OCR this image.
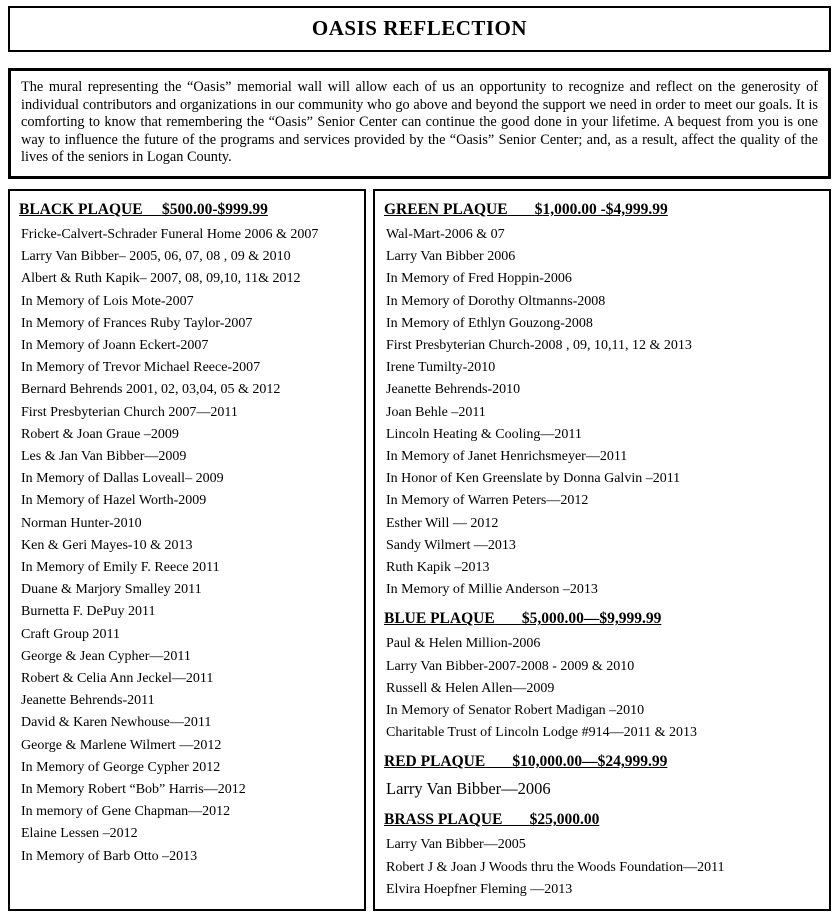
OASIS REFLECTION

The mural representing the “Oasis” memorial wall will allow each of us an opportunity to recognize and reflect on the generosity of individual contributors and organizations in our community who go above and beyond the support we need in order to meet our goals. It is comforting to know that remembering the “Oasis” Senior Center can continue the good done in your lifetime. A bequest from you is one way to influence the future of the programs and services provided by the “Oasis” Senior Center; and, as a result, affect the quality of the lives of the seniors in Logan County.

BLACK PLAQUE $500.00-$999.99
Fricke-Calvert-Schrader Funeral Home 2006 & 2007
Larry Van Bibber– 2005, 06, 07, 08 , 09 & 2010
Albert & Ruth Kapik– 2007, 08, 09,10, 11& 2012
In Memory of Lois Mote-2007
In Memory of Frances Ruby Taylor-2007
In Memory of Joann Eckert-2007
In Memory of Trevor Michael Reece-2007
Bernard Behrends 2001, 02, 03,04, 05 & 2012
First Presbyterian Church 2007—2011
Robert & Joan Graue –2009
Les & Jan Van Bibber—2009
In Memory of Dallas Loveall– 2009
In Memory of Hazel Worth-2009
Norman Hunter-2010
Ken & Geri Mayes-10 & 2013
In Memory of Emily F. Reece 2011
Duane & Marjory Smalley 2011
Burnetta F. DePuy 2011
Craft Group 2011
George & Jean Cypher—2011
Robert & Celia Ann Jeckel—2011
Jeanette Behrends-2011
David & Karen Newhouse—2011
George & Marlene Wilmert —2012
In Memory of George Cypher 2012
In Memory Robert “Bob” Harris—2012
In memory of Gene Chapman—2012
Elaine Lessen –2012
In Memory of Barb Otto –2013
GREEN PLAQUE $1,000.00 -$4,999.99
Wal-Mart-2006 & 07
Larry Van Bibber 2006
In Memory of Fred Hoppin-2006
In Memory of Dorothy Oltmanns-2008
In Memory of Ethlyn Gouzong-2008
First Presbyterian Church-2008 , 09, 10,11, 12 & 2013
Irene Tumilty-2010
Jeanette Behrends-2010
Joan Behle –2011
Lincoln Heating & Cooling—2011
In Memory of Janet Henrichsmeyer—2011
In Honor of Ken Greenslate by Donna Galvin –2011
In Memory of Warren Peters—2012
Esther Will — 2012
Sandy Wilmert —2013
Ruth Kapik –2013
In Memory of Millie Anderson –2013
BLUE PLAQUE $5,000.00—$9,999.99
Paul & Helen Million-2006
Larry Van Bibber-2007-2008 - 2009 & 2010
Russell & Helen Allen—2009
In Memory of Senator Robert Madigan –2010
Charitable Trust of Lincoln Lodge #914—2011 & 2013
RED PLAQUE $10,000.00—$24,999.99
Larry Van Bibber—2006
BRASS PLAQUE $25,000.00
Larry Van Bibber—2005
Robert J & Joan J Woods thru the Woods Foundation—2011
Elvira Hoepfner Fleming —2013
